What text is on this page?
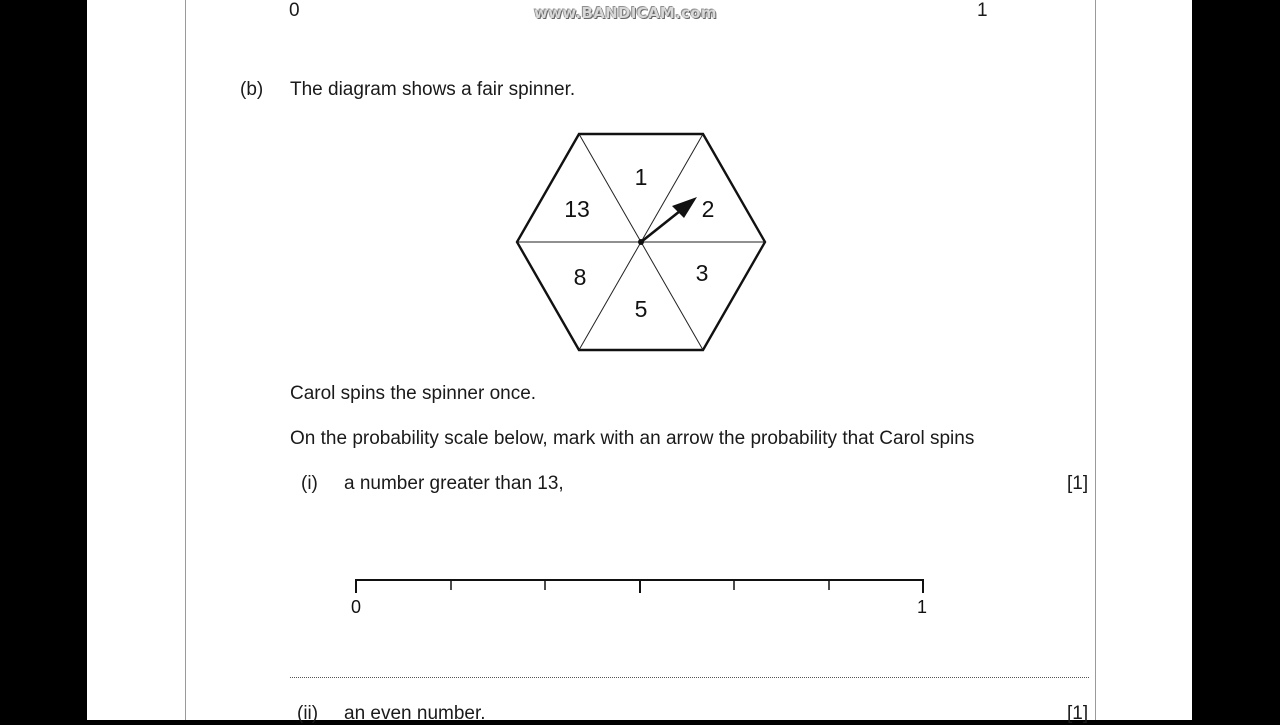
0	1
www.BANDICAM.com
(b) The diagram shows a fair spinner.
1
2
3
5
8
13
Carol spins the spinner once.
On the probability scale below, mark with an arrow the probability that Carol spins
(i) a number greater than 13,	[1]
0	1
(ii) an even number.	[1]
